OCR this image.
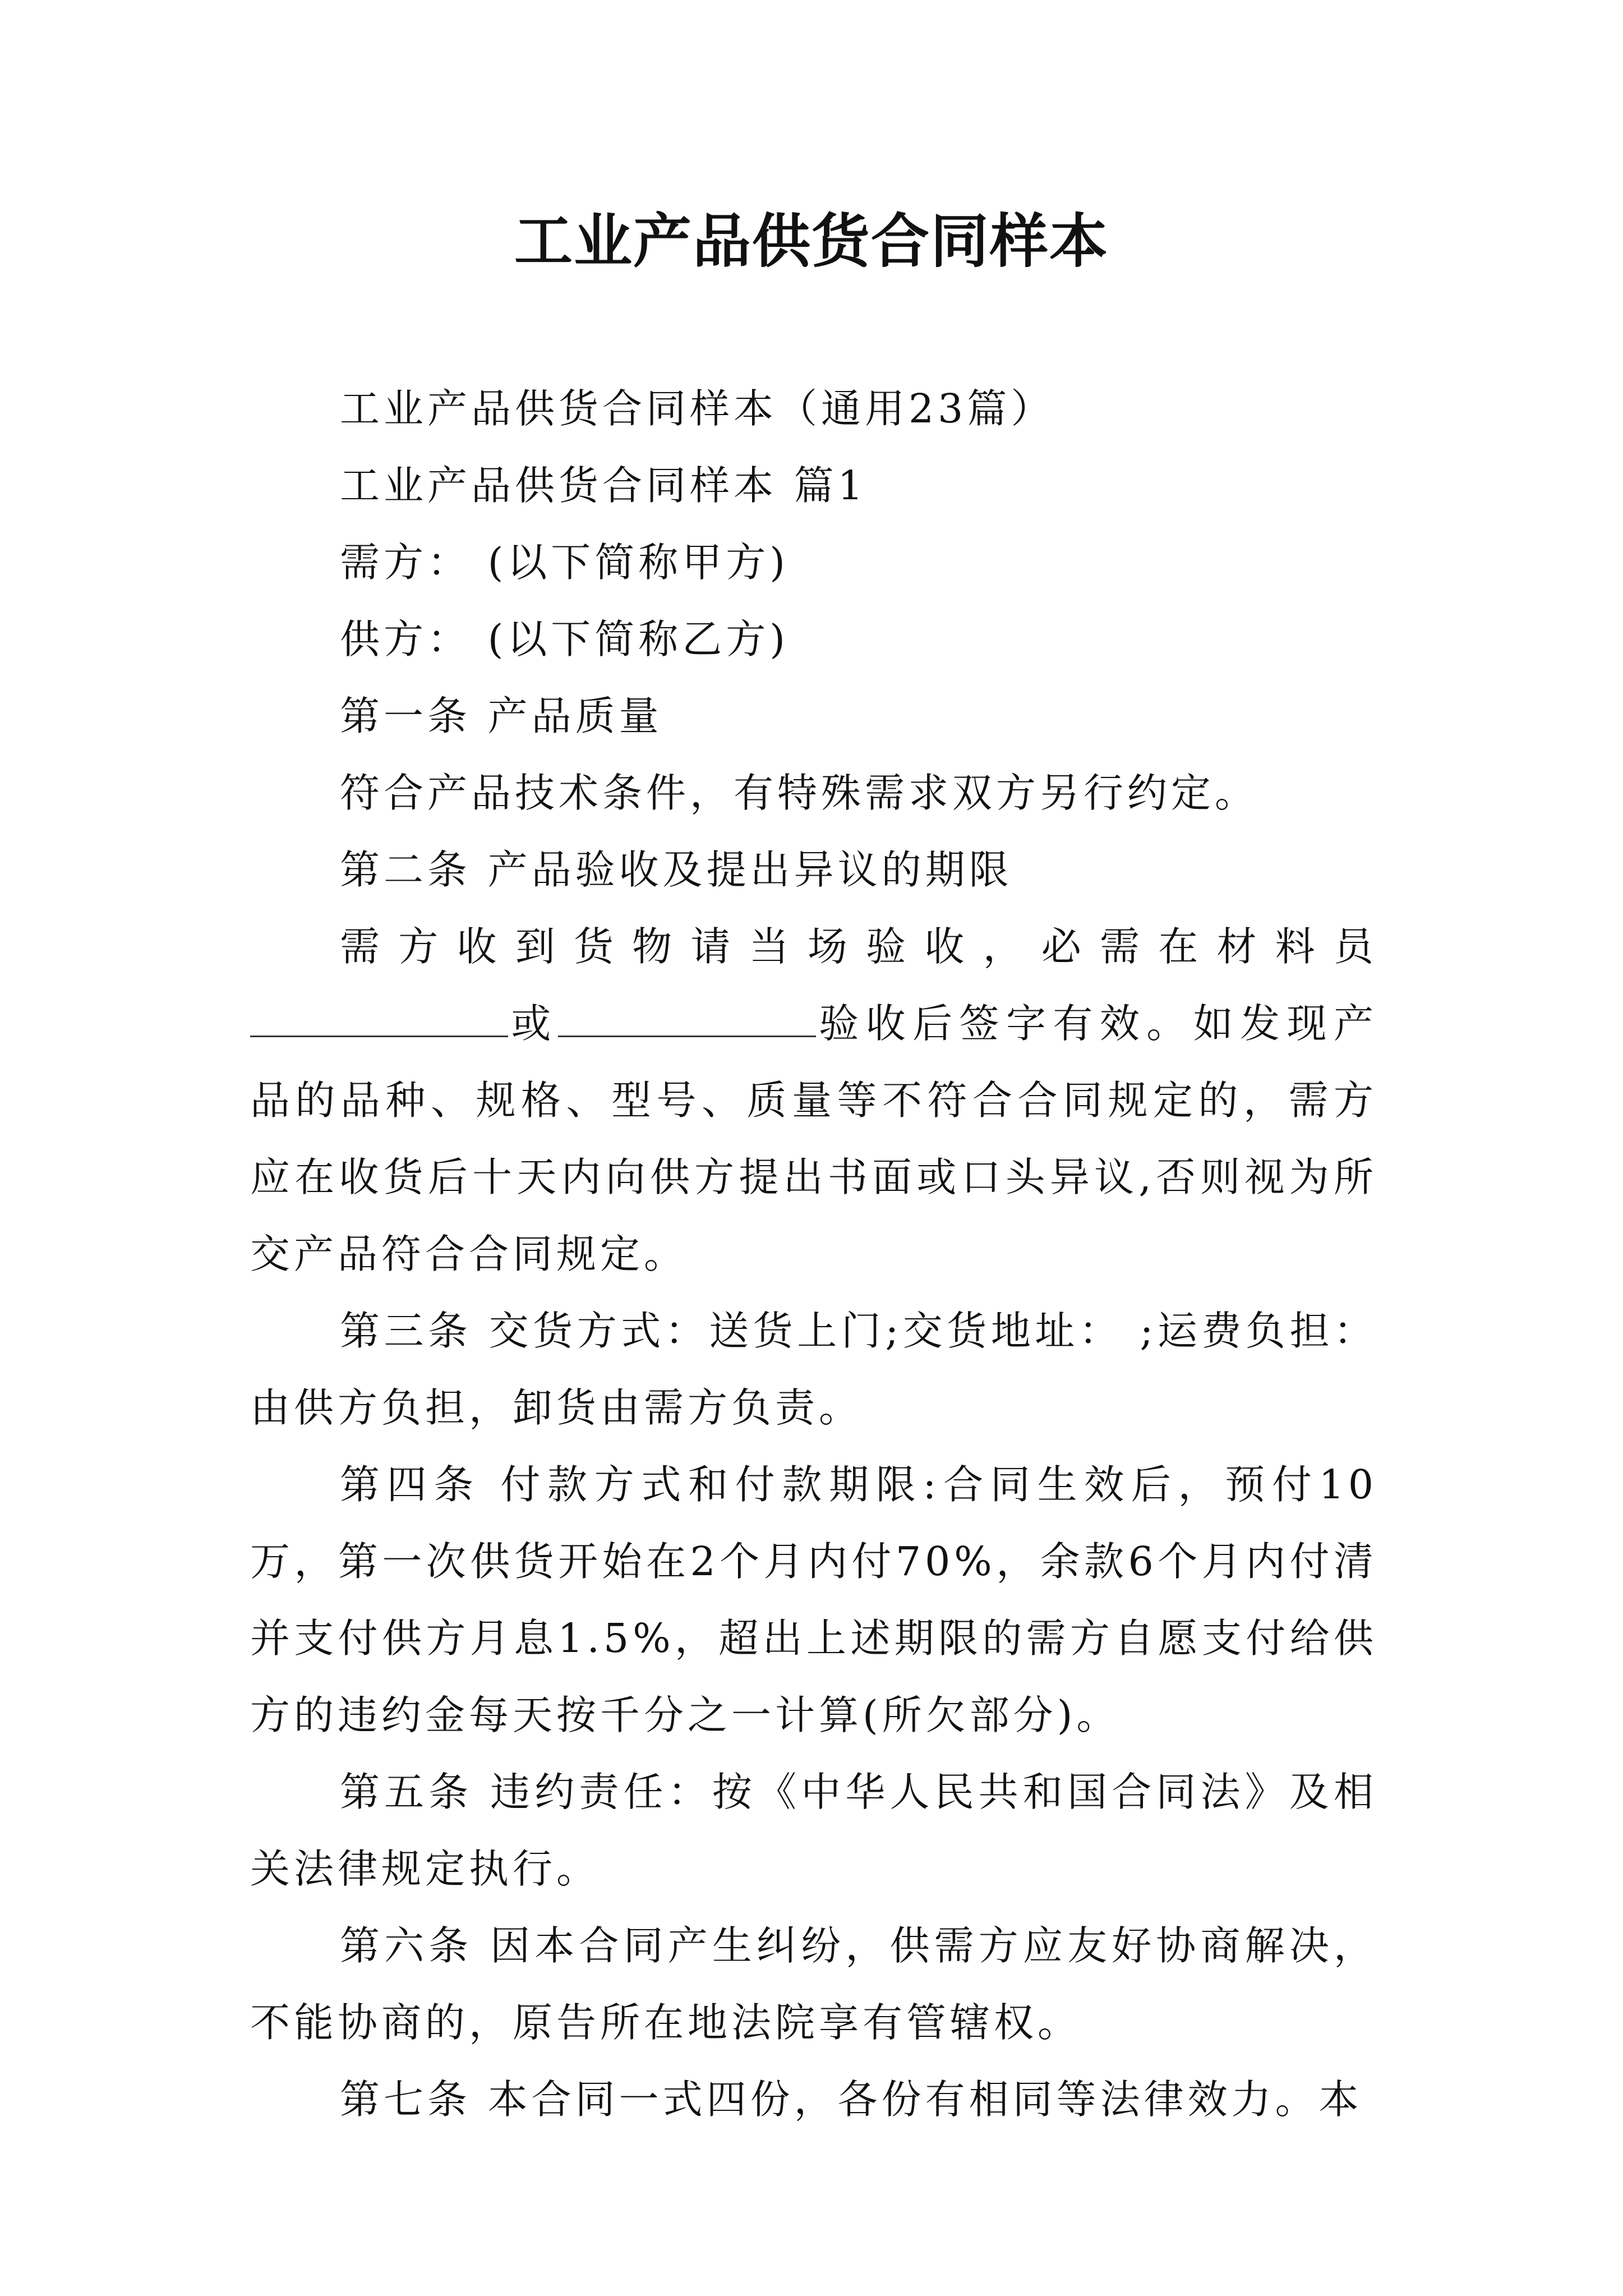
工业产品供货合同样本

工业产品供货合同样本（通用23篇）

工业产品供货合同样本 篇1

需方： (以下简称甲方)

供方： (以下简称乙方)

第一条 产品质量

符合产品技术条件，有特殊需求双方另行约定。

第二条 产品验收及提出异议的期限

需方收到货物请当场验收，必需在材料员或	验收后签字有效。如发现产品的品种、规格、型号、质量等不符合合同规定的，需方应在收货后十天内向供方提出书面或口头异议,否则视为所交产品符合合同规定。

第三条 交货方式：送货上门;交货地址： ;运费负担：由供方负担，卸货由需方负责。

第四条 付款方式和付款期限:合同生效后，预付10万，第一次供货开始在2个月内付70%，余款6个月内付清并支付供方月息1.5%，超出上述期限的需方自愿支付给供方的违约金每天按千分之一计算(所欠部分)。

第五条 违约责任：按《中华人民共和国合同法》及相关法律规定执行。

第六条 因本合同产生纠纷，供需方应友好协商解决，不能协商的，原告所在地法院享有管辖权。

第七条 本合同一式四份，各份有相同等法律效力。本
